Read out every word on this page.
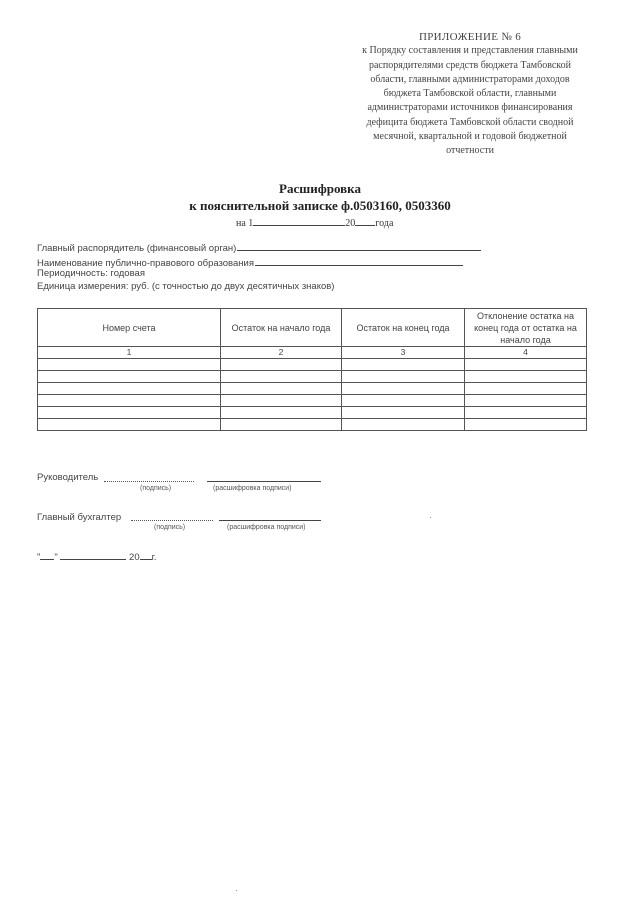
ПРИЛОЖЕНИЕ № 6
к Порядку составления и представления главными
распорядителями средств бюджета Тамбовской
области, главными администраторами доходов
бюджета Тамбовской области, главными
администраторами источников финансирования
дефицита бюджета Тамбовской области сводной
месячной, квартальной и годовой бюджетной
отчетности
Расшифровка
к пояснительной записке ф.0503160, 0503360
на 1	20 года
Главный распорядитель (финансовый орган)
Наименование публично-правового образования
Периодичность: годовая
Единица измерения: руб. (с точностью до двух десятичных знаков)
Номер счета	Остаток на начало года	Остаток на конец года	Отклонение остатка на конец года от остатка на начало года
1	2	3	4

Руководитель
(подпись)	(расшифровка подписи)
Главный бухгалтер
(подпись)	(расшифровка подписи)
" "	20 г.
